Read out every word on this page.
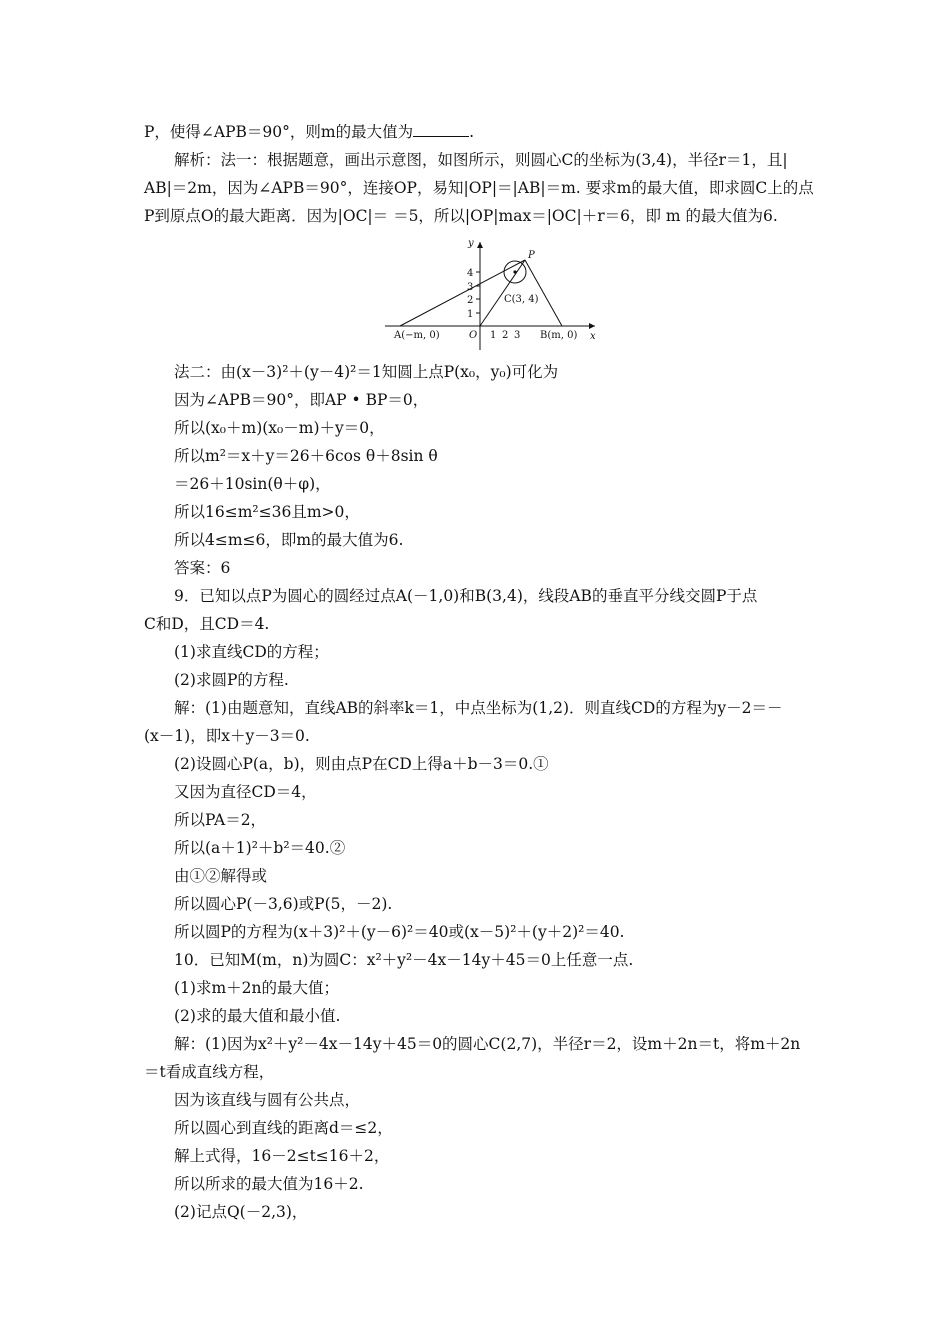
P，使得∠APB＝90°，则m的最大值为	.
解析：法一：根据题意，画出示意图，如图所示，则圆心C的坐标为(3,4)，半径r＝1，且|
AB|＝2m，因为∠APB＝90°，连接OP，易知|OP|＝|AB|＝m. 要求m的最大值，即求圆C上的点
P到原点O的最大距离．因为|OC|＝ ＝5，所以|OP|max＝|OC|＋r＝6，即 m 的最大值为6.
y
x
4
3
2
1
1 2 3
O
P
A(−m, 0)	B(m, 0)
C(3, 4)
法二：由(x－3)²＋(y－4)²＝1知圆上点P(x₀，y₀)可化为
因为∠APB＝90°，即AP • BP＝0，
所以(x₀＋m)(x₀－m)＋y＝0，
所以m²＝x＋y＝26＋6cos θ＋8sin θ
＝26＋10sin(θ＋φ)，
所以16≤m²≤36且m>0，
所以4≤m≤6，即m的最大值为6.
答案：6
9．已知以点P为圆心的圆经过点A(－1,0)和B(3,4)，线段AB的垂直平分线交圆P于点
C和D，且CD＝4.
(1)求直线CD的方程；
(2)求圆P的方程.
解：(1)由题意知，直线AB的斜率k＝1，中点坐标为(1,2)．则直线CD的方程为y－2＝－
(x－1)，即x＋y－3＝0.
(2)设圆心P(a，b)，则由点P在CD上得a＋b－3＝0.①
又因为直径CD＝4，
所以PA＝2，
所以(a＋1)²＋b²＝40.②
由①②解得或
所以圆心P(－3,6)或P(5，－2).
所以圆P的方程为(x＋3)²＋(y－6)²＝40或(x－5)²＋(y＋2)²＝40.
10．已知M(m，n)为圆C：x²＋y²－4x－14y＋45＝0上任意一点.
(1)求m＋2n的最大值；
(2)求的最大值和最小值.
解：(1)因为x²＋y²－4x－14y＋45＝0的圆心C(2,7)，半径r＝2，设m＋2n＝t，将m＋2n
＝t看成直线方程，
因为该直线与圆有公共点，
所以圆心到直线的距离d＝≤2，
解上式得，16－2≤t≤16＋2，
所以所求的最大值为16＋2.
(2)记点Q(－2,3)，
